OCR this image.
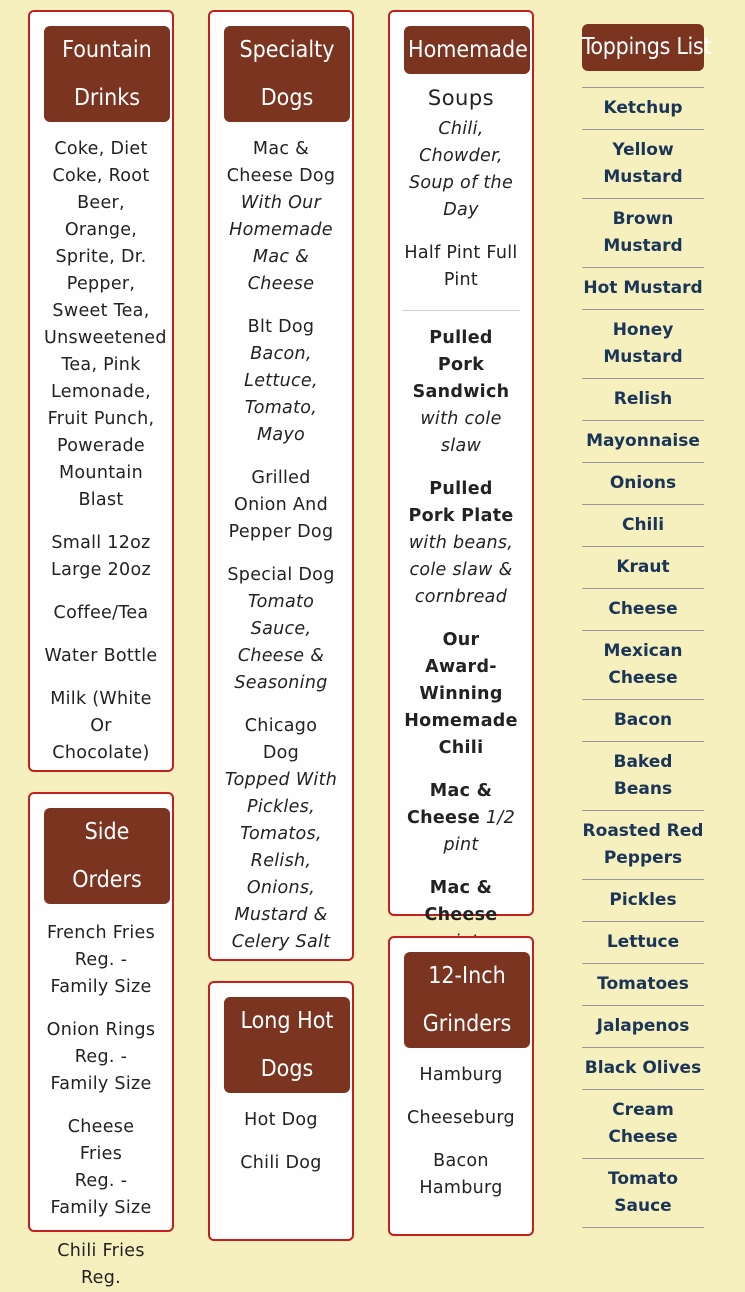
Fountain
Drinks
Coke, Diet Coke, Root Beer, Orange, Sprite, Dr. Pepper, Sweet Tea, Unsweetened Tea, Pink Lemonade, Fruit Punch, Powerade Mountain Blast
Small 12oz Large 20oz
Coffee/Tea
Water Bottle
Milk (White Or Chocolate)
Side Orders
French Fries
Reg. - Family Size
Onion Rings
Reg. - Family Size
Cheese Fries
Reg. - Family Size
Chili Fries
Reg.
Specialty
Dogs
Mac & Cheese Dog
With Our Homemade Mac & Cheese
Blt Dog
Bacon, Lettuce, Tomato, Mayo
Grilled Onion And Pepper Dog
Special Dog
Tomato Sauce, Cheese & Seasoning
Chicago Dog
Topped With Pickles, Tomatos, Relish, Onions, Mustard & Celery Salt
Long Hot
Dogs
Hot Dog
Chili Dog
Homemade
Soups
Chili, Chowder, Soup of the Day
Half Pint Full Pint
Pulled Pork Sandwich
with cole slaw
Pulled Pork Plate
with beans, cole slaw & cornbread
Our Award-Winning Homemade Chili
Mac & Cheese 1/2 pint
Mac & Cheese
12-Inch
Grinders
Hamburg
Cheeseburg
Bacon Hamburg
Toppings List
Ketchup
Yellow Mustard
Brown Mustard
Hot Mustard
Honey Mustard
Relish
Mayonnaise
Onions
Chili
Kraut
Cheese
Mexican Cheese
Bacon
Baked Beans
Roasted Red Peppers
Pickles
Lettuce
Tomatoes
Jalapenos
Black Olives
Cream Cheese
Tomato Sauce
